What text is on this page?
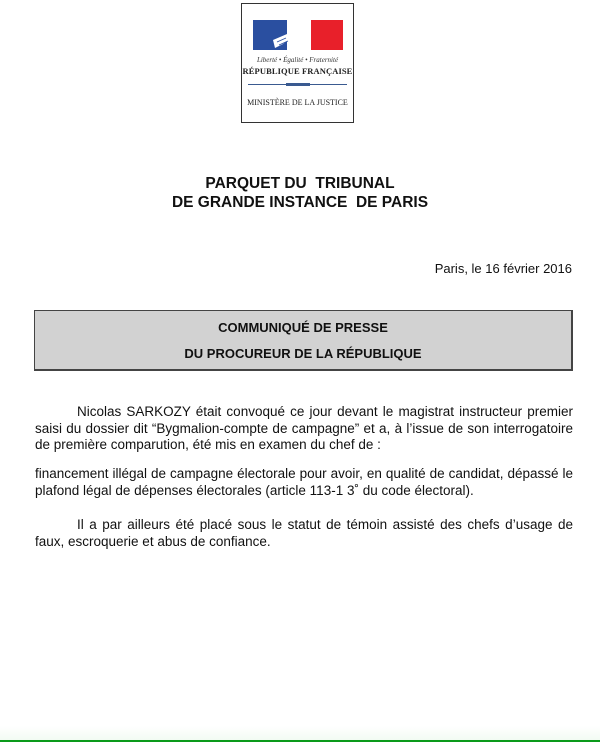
Liberté • Égalité • Fraternité
RÉPUBLIQUE FRANÇAISE
MINISTÈRE DE LA JUSTICE
PARQUET DU  TRIBUNAL
DE GRANDE INSTANCE  DE PARIS
Paris, le 16 février 2016
COMMUNIQUÉ DE PRESSE
DU PROCUREUR DE LA RÉPUBLIQUE
Nicolas SARKOZY était convoqué ce jour devant le magistrat instructeur premier saisi du dossier dit “Bygmalion-compte de campagne” et a, à l’issue de son interrogatoire de première comparution, été mis en examen du chef de :
financement illégal de campagne électorale pour avoir, en qualité de candidat, dépassé le plafond légal de dépenses électorales (article 113-1 3˚ du code électoral).
Il a par ailleurs été placé sous le statut de témoin assisté des chefs d’usage de faux, escroquerie et abus de confiance.
